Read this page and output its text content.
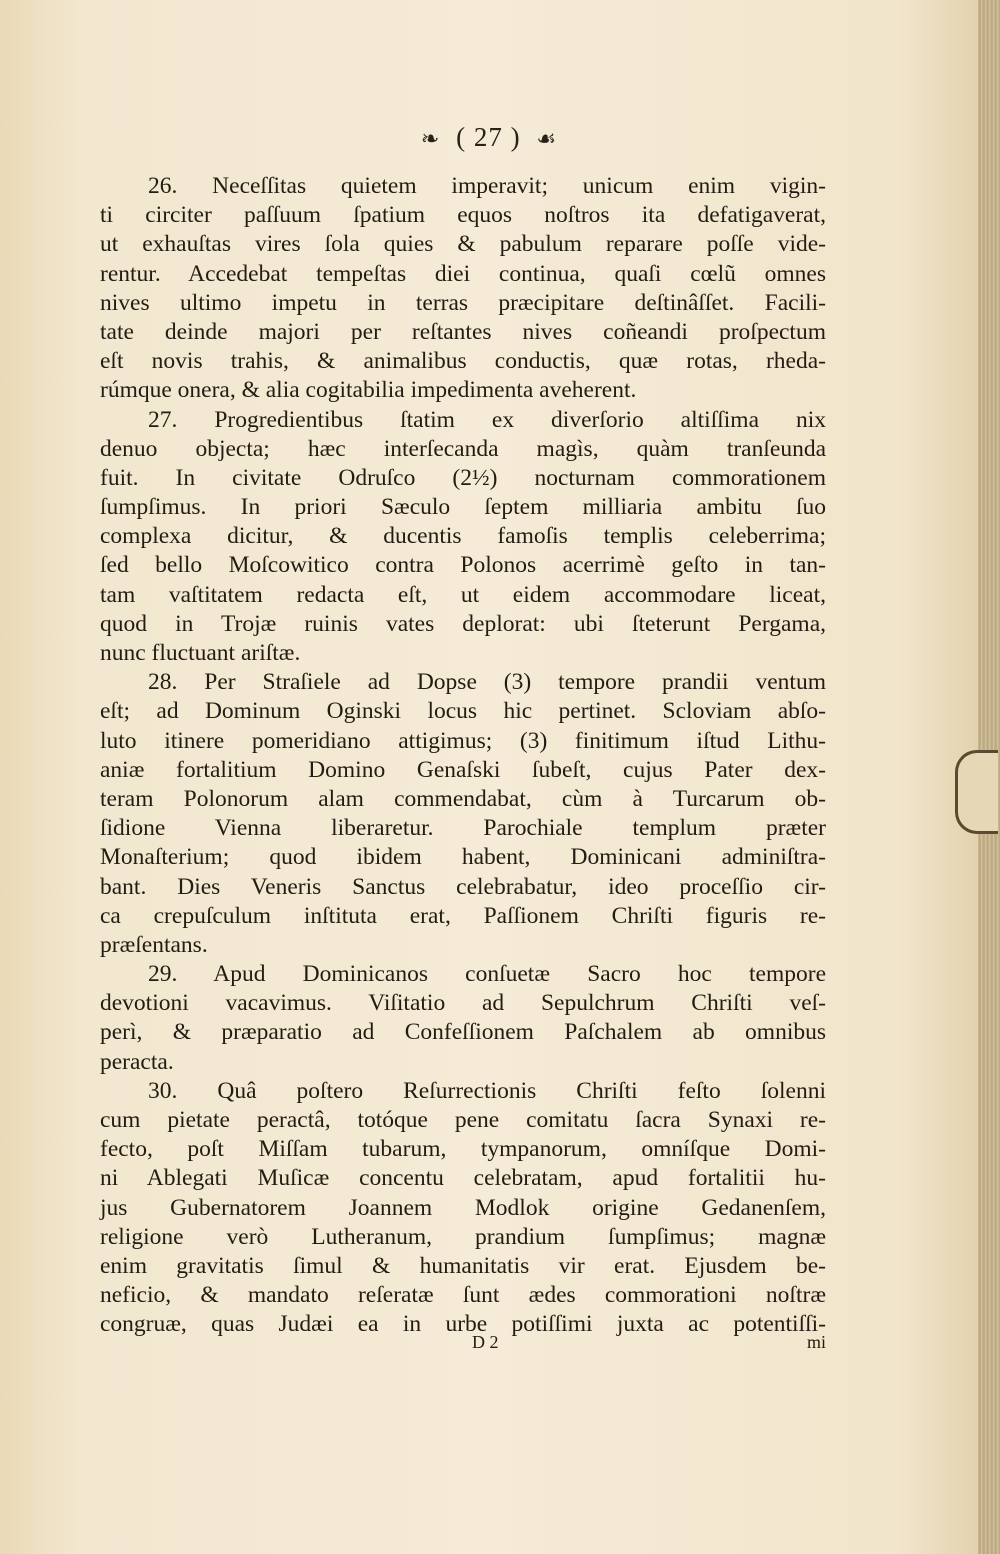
❧ ( 27 ) ☙
26. Neceſſitas quietem imperavit; unicum enim vigin-
ti circiter paſſuum ſpatium equos noſtros ita defatigaverat,
ut exhauſtas vires ſola quies & pabulum reparare poſſe vide-
rentur. Accedebat tempeſtas diei continua, quaſi cœlũ omnes
nives ultimo impetu in terras præcipitare deſtinâſſet. Facili-
tate deinde majori per reſtantes nives coñeandi proſpectum
eſt novis trahis, & animalibus conductis, quæ rotas, rheda-
rúmque onera, & alia cogitabilia impedimenta aveherent.
27. Progredientibus ſtatim ex diverſorio altiſſima nix
denuo objecta; hæc interſecanda magìs, quàm tranſeunda
fuit. In civitate Odruſco (2½) nocturnam commorationem
ſumpſimus. In priori Sæculo ſeptem milliaria ambitu ſuo
complexa dicitur, & ducentis famoſis templis celeberrima;
ſed bello Moſcowitico contra Polonos acerrimè geſto in tan-
tam vaſtitatem redacta eſt, ut eidem accommodare liceat,
quod in Trojæ ruinis vates deplorat: ubi ſteterunt Pergama,
nunc fluctuant ariſtæ.
28. Per Straſiele ad Dopse (3) tempore prandii ventum
eſt; ad Dominum Oginski locus hic pertinet. Scloviam abſo-
luto itinere pomeridiano attigimus; (3) finitimum iſtud Lithu-
aniæ fortalitium Domino Genaſski ſubeſt, cujus Pater dex-
teram Polonorum alam commendabat, cùm à Turcarum ob-
ſidione Vienna liberaretur. Parochiale templum præter
Monaſterium; quod ibidem habent, Dominicani adminiſtra-
bant. Dies Veneris Sanctus celebrabatur, ideo proceſſio cir-
ca crepuſculum inſtituta erat, Paſſionem Chriſti figuris re-
præſentans.
29. Apud Dominicanos conſuetæ Sacro hoc tempore
devotioni vacavimus. Viſitatio ad Sepulchrum Chriſti veſ-
perì, & præparatio ad Confeſſionem Paſchalem ab omnibus
peracta.
30. Quâ poſtero Reſurrectionis Chriſti feſto ſolenni
cum pietate peractâ, totóque pene comitatu ſacra Synaxi re-
fecto, poſt Miſſam tubarum, tympanorum, omníſque Domi-
ni Ablegati Muſicæ concentu celebratam, apud fortalitii hu-
jus Gubernatorem Joannem Modlok origine Gedanenſem,
religione verò Lutheranum, prandium ſumpſimus; magnæ
enim gravitatis ſimul & humanitatis vir erat. Ejusdem be-
neficio, & mandato reſeratæ ſunt ædes commorationi noſtræ
congruæ, quas Judæi ea in urbe potiſſimi juxta ac potentiſſi-
D 2	mi
